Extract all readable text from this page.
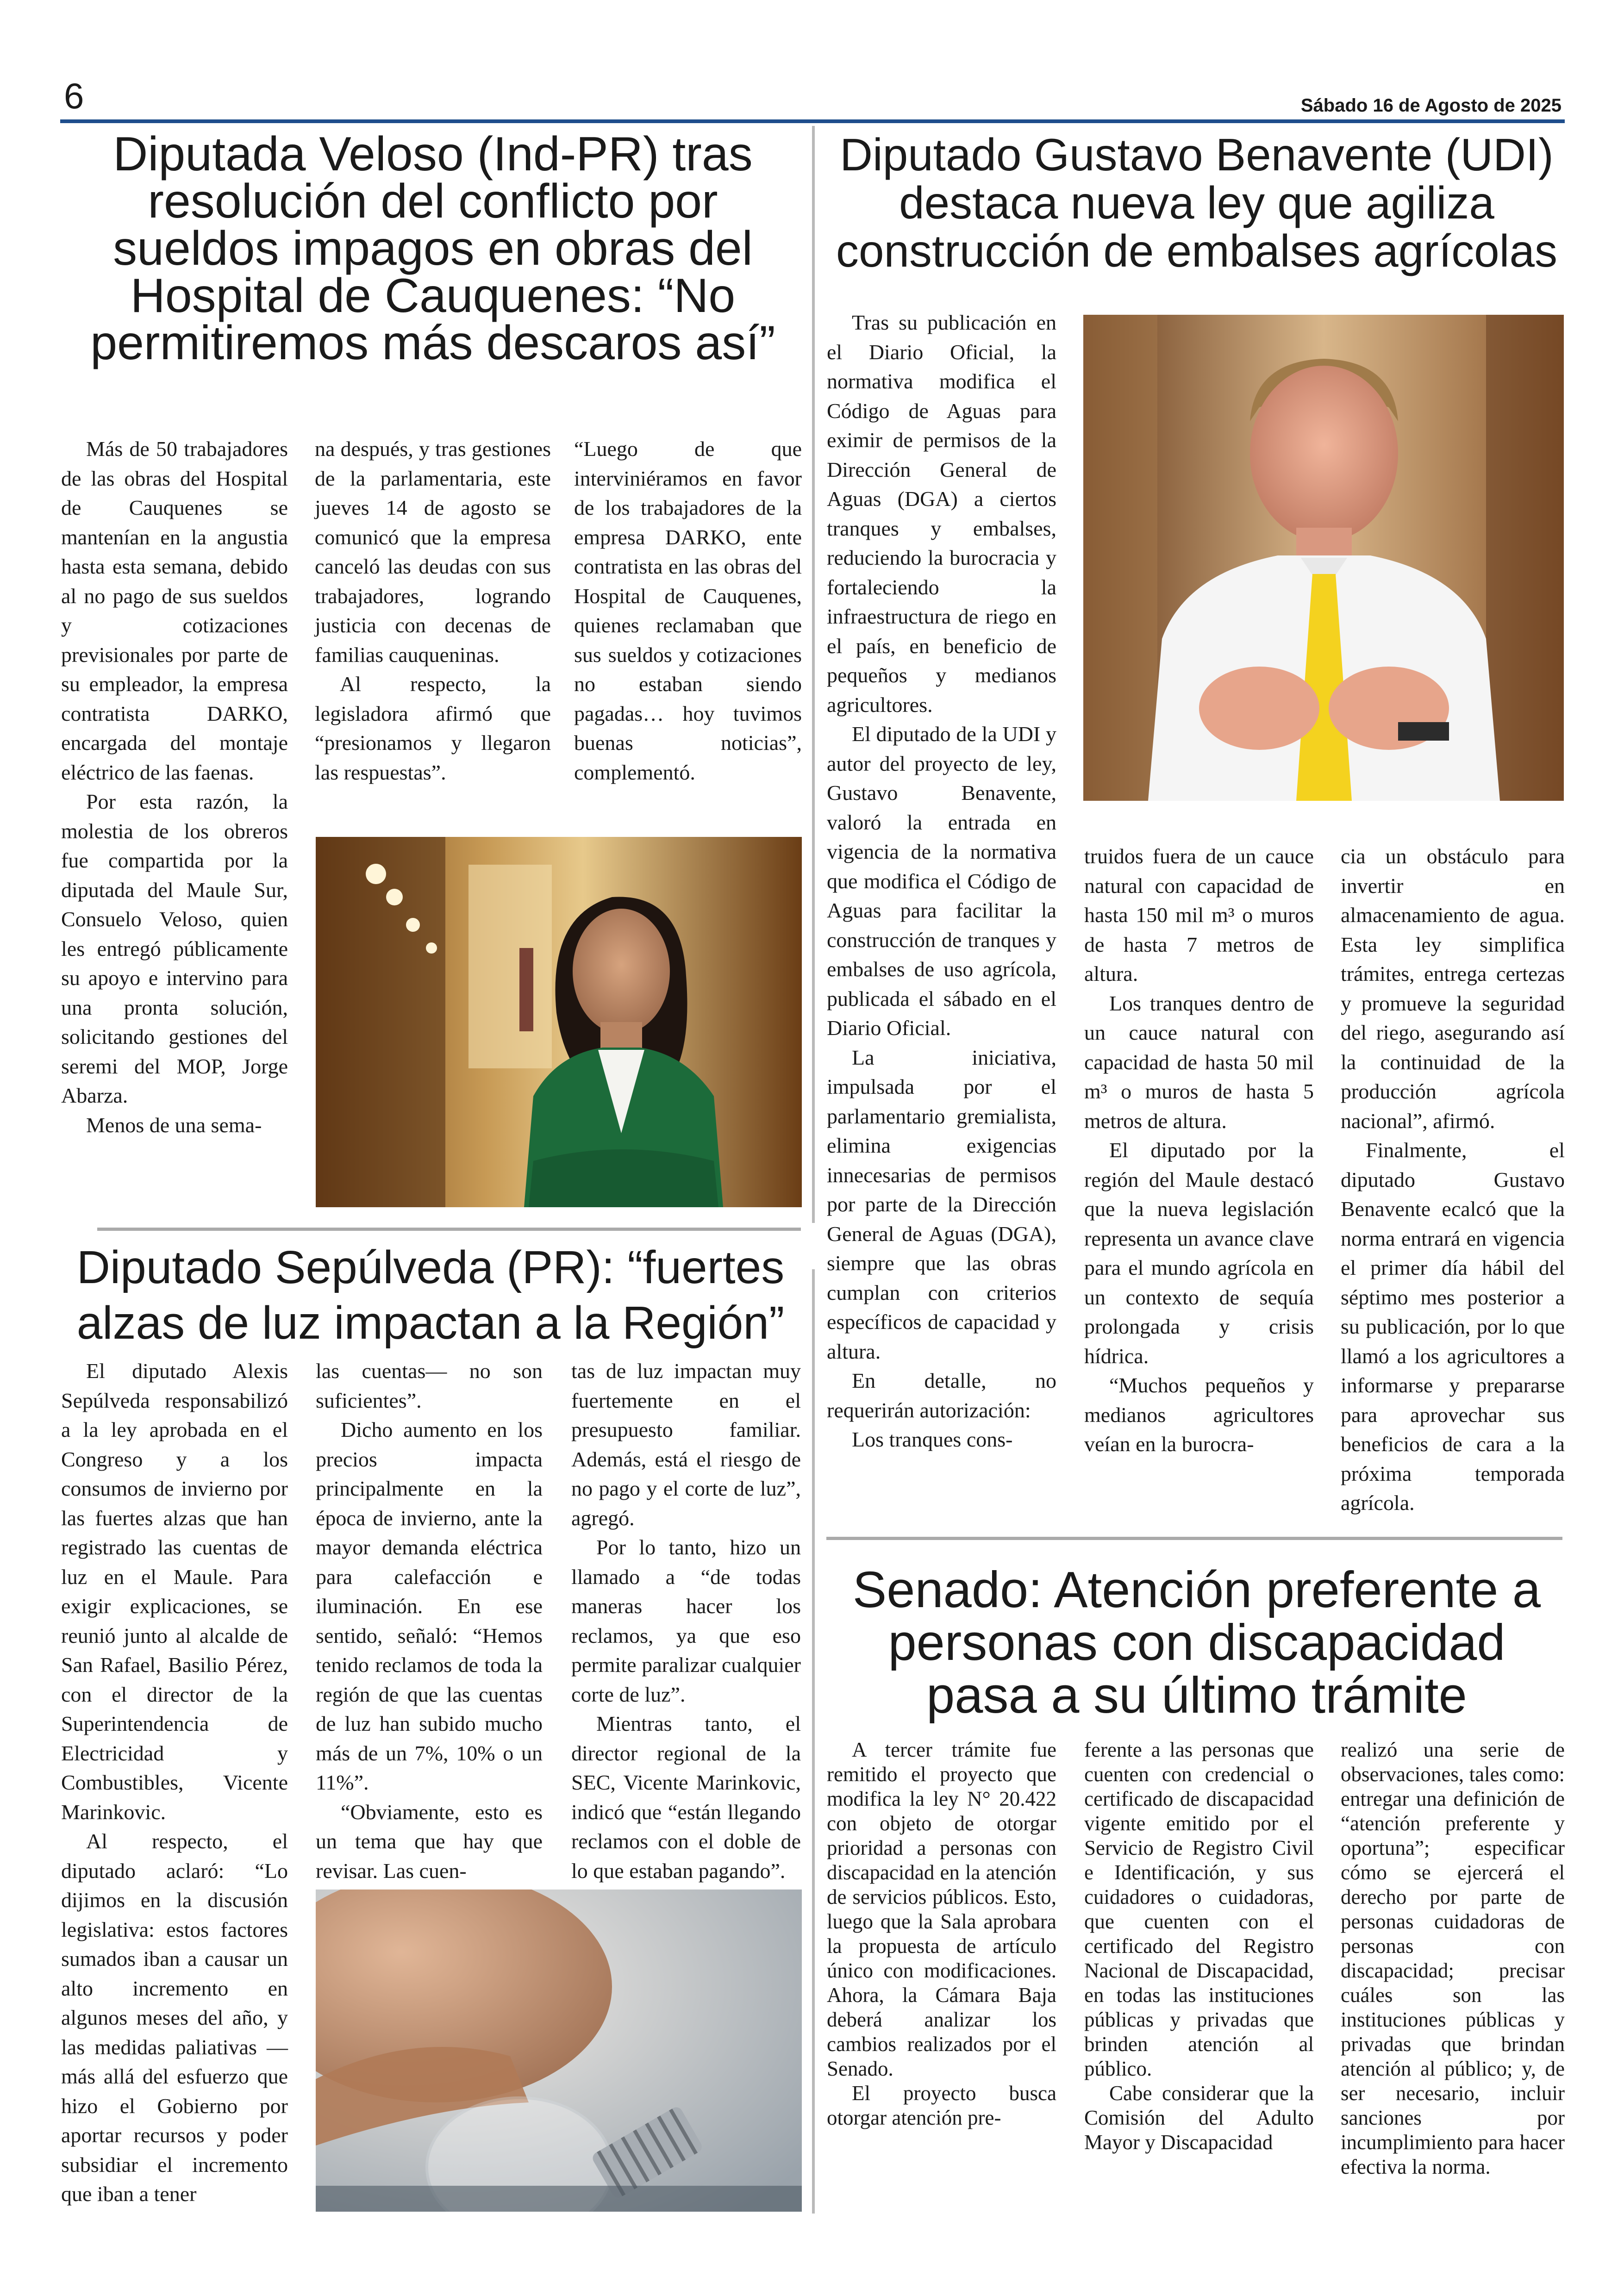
6	Sábado 16 de Agosto de 2025
Diputada Veloso (Ind-PR) tras resolución del conflicto por sueldos impagos en obras del Hospital de Cauquenes: “No permitiremos más descaros así”

Más de 50 trabajadores de las obras del Hospital de Cauquenes se mantenían en la angustia hasta esta semana, debido al no pago de sus sueldos y cotizaciones previsionales por parte de su empleador, la empresa contratista DARKO, encargada del montaje eléctrico de las faenas.

Por esta razón, la molestia de los obreros fue compartida por la diputada del Maule Sur, Consuelo Veloso, quien les entregó públicamente su apoyo e intervino para una pronta solución, solicitando gestiones del seremi del MOP, Jorge Abarza.

Menos de una sema-

na después, y tras gestiones de la parlamentaria, este jueves 14 de agosto se comunicó que la empresa canceló las deudas con sus trabajadores, logrando justicia con decenas de familias cauqueninas.

Al respecto, la legisladora afirmó que “presionamos y llegaron las respuestas”.

“Luego de que interviniéramos en favor de los trabajadores de la empresa DARKO, ente contratista en las obras del Hospital de Cauquenes, quienes reclamaban que sus sueldos y cotizaciones no estaban siendo pagadas… hoy tuvimos buenas noticias”, complementó.

Diputado Sepúlveda (PR): “fuertes alzas de luz impactan a la Región”

El diputado Alexis Sepúlveda responsabilizó a la ley aprobada en el Congreso y a los consumos de invierno por las fuertes alzas que han registrado las cuentas de luz en el Maule. Para exigir explicaciones, se reunió junto al alcalde de San Rafael, Basilio Pérez, con el director de la Superintendencia de Electricidad y Combustibles, Vicente Marinkovic.

Al respecto, el diputado aclaró: “Lo dijimos en la discusión legislativa: estos factores sumados iban a causar un alto incremento en algunos meses del año, y las medidas paliativas —más allá del esfuerzo que hizo el Gobierno por aportar recursos y poder subsidiar el incremento que iban a tener

las cuentas— no son suficientes”.

Dicho aumento en los precios impacta principalmente en la época de invierno, ante la mayor demanda eléctrica para calefacción e iluminación. En ese sentido, señaló: “Hemos tenido reclamos de toda la región de que las cuentas de luz han subido mucho más de un 7%, 10% o un 11%”.

“Obviamente, esto es un tema que hay que revisar. Las cuen-

tas de luz impactan muy fuertemente en el presupuesto familiar. Además, está el riesgo de no pago y el corte de luz”, agregó.

Por lo tanto, hizo un llamado a “de todas maneras hacer los reclamos, ya que eso permite paralizar cualquier corte de luz”.

Mientras tanto, el director regional de la SEC, Vicente Marinkovic, indicó que “están llegando reclamos con el doble de lo que estaban pagando”.

Diputado Gustavo Benavente (UDI) destaca nueva ley que agiliza construcción de embalses agrícolas

Tras su publicación en el Diario Oficial, la normativa modifica el Código de Aguas para eximir de permisos de la Dirección General de Aguas (DGA) a ciertos tranques y embalses, reduciendo la burocracia y fortaleciendo la infraestructura de riego en el país, en beneficio de pequeños y medianos agricultores.

El diputado de la UDI y autor del proyecto de ley, Gustavo Benavente, valoró la entrada en vigencia de la normativa que modifica el Código de Aguas para facilitar la construcción de tranques y embalses de uso agrícola, publicada el sábado en el Diario Oficial.

La iniciativa, impulsada por el parlamentario gremialista, elimina exigencias innecesarias de permisos por parte de la Dirección General de Aguas (DGA), siempre que las obras cumplan con criterios específicos de capacidad y altura.

En detalle, no requerirán autorización:

Los tranques cons-

truidos fuera de un cauce natural con capacidad de hasta 150 mil m³ o muros de hasta 7 metros de altura.

Los tranques dentro de un cauce natural con capacidad de hasta 50 mil m³ o muros de hasta 5 metros de altura.

El diputado por la región del Maule destacó que la nueva legislación representa un avance clave para el mundo agrícola en un contexto de sequía prolongada y crisis hídrica.

“Muchos pequeños y medianos agricultores veían en la burocra-

cia un obstáculo para invertir en almacenamiento de agua. Esta ley simplifica trámites, entrega certezas y promueve la seguridad del riego, asegurando así la continuidad de la producción agrícola nacional”, afirmó.

Finalmente, el diputado Gustavo Benavente ecalcó que la norma entrará en vigencia el primer día hábil del séptimo mes posterior a su publicación, por lo que llamó a los agricultores a informarse y prepararse para aprovechar sus beneficios de cara a la próxima temporada agrícola.

Senado: Atención preferente a personas con discapacidad pasa a su último trámite

A tercer trámite fue remitido el proyecto que modifica la ley N° 20.422 con objeto de otorgar prioridad a personas con discapacidad en la atención de servicios públicos. Esto, luego que la Sala aprobara la propuesta de artículo único con modificaciones. Ahora, la Cámara Baja deberá analizar los cambios realizados por el Senado.

El proyecto busca otorgar atención pre-

ferente a las personas que cuenten con credencial o certificado de discapacidad vigente emitido por el Servicio de Registro Civil e Identificación, y sus cuidadores o cuidadoras, que cuenten con el certificado del Registro Nacional de Discapacidad, en todas las instituciones públicas y privadas que brinden atención al público.

Cabe considerar que la Comisión del Adulto Mayor y Discapacidad

realizó una serie de observaciones, tales como: entregar una definición de “atención preferente y oportuna”; especificar cómo se ejercerá el derecho por parte de personas cuidadoras de personas con discapacidad; precisar cuáles son las instituciones públicas y privadas que brindan atención al público; y, de ser necesario, incluir sanciones por incumplimiento para hacer efectiva la norma.
